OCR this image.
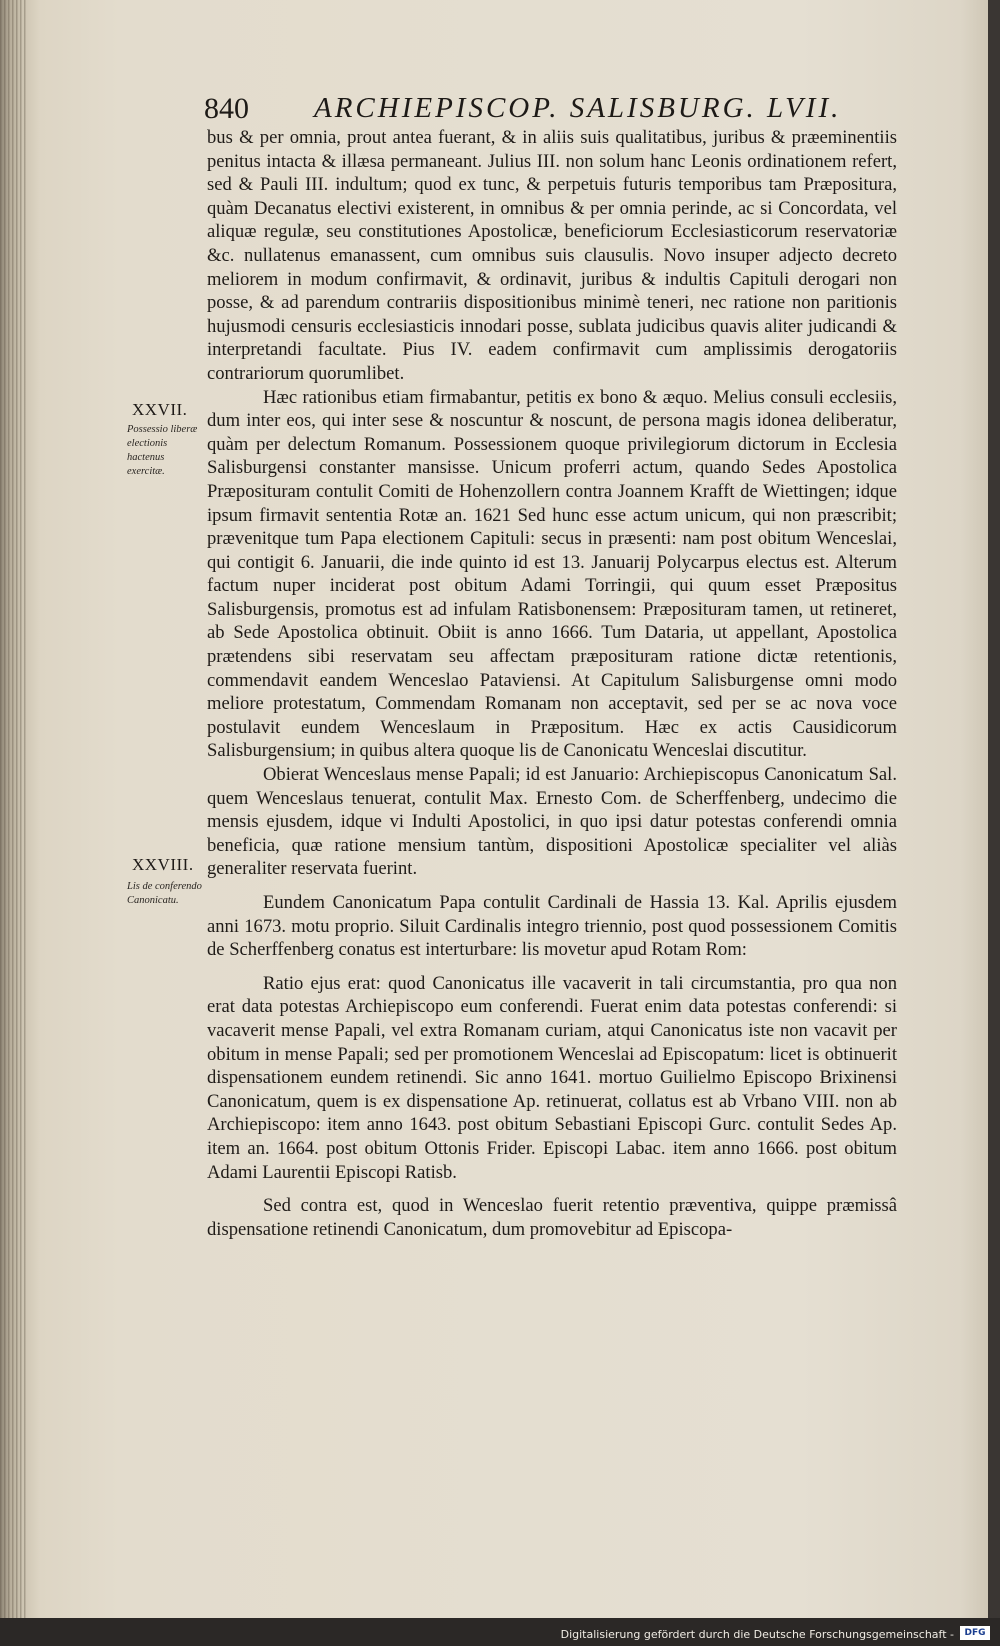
840 ARCHIEPISCOP. SALISBURG. LVII.
XXVII.
Possessio liberæ electionis hactenus exercitæ.
XXVIII.
Lis de conferendo Canonicatu.

bus & per omnia, prout antea fuerant, & in aliis suis qualitatibus, juribus & præeminentiis penitus intacta & illæsa permaneant. Julius III. non solum hanc Leonis ordinationem refert, sed & Pauli III. indultum; quod ex tunc, & perpetuis futuris temporibus tam Præpositura, quàm Decanatus electivi existerent, in omnibus & per omnia perinde, ac si Concordata, vel aliquæ regulæ, seu constitutiones Apostolicæ, beneficiorum Ecclesiasticorum reservatoriæ &c. nullatenus emanassent, cum omnibus suis clausulis. Novo insuper adjecto decreto meliorem in modum confirmavit, & ordinavit, juribus & indultis Capituli derogari non posse, & ad parendum contrariis dispositionibus minimè teneri, nec ratione non paritionis hujusmodi censuris ecclesiasticis innodari posse, sublata judicibus quavis aliter judicandi & interpretandi facultate. Pius IV. eadem confirmavit cum amplissimis derogatoriis contrariorum quorumlibet.

Hæc rationibus etiam firmabantur, petitis ex bono & æquo. Melius consuli ecclesiis, dum inter eos, qui inter sese & noscuntur & noscunt, de persona magis idonea deliberatur, quàm per delectum Romanum. Possessionem quoque privilegiorum dictorum in Ecclesia Salisburgensi constanter mansisse. Unicum proferri actum, quando Sedes Apostolica Præposituram contulit Comiti de Hohenzollern contra Joannem Krafft de Wiettingen; idque ipsum firmavit sententia Rotæ an. 1621 Sed hunc esse actum unicum, qui non præscribit; prævenitque tum Papa electionem Capituli: secus in præsenti: nam post obitum Wenceslai, qui contigit 6. Januarii, die inde quinto id est 13. Januarij Polycarpus electus est. Alterum factum nuper inciderat post obitum Adami Torringii, qui quum esset Præpositus Salisburgensis, promotus est ad infulam Ratisbonensem: Præposituram tamen, ut retineret, ab Sede Apostolica obtinuit. Obiit is anno 1666. Tum Dataria, ut appellant, Apostolica prætendens sibi reservatam seu affectam præposituram ratione dictæ retentionis, commendavit eandem Wenceslao Pataviensi. At Capitulum Salisburgense omni modo meliore protestatum, Commendam Romanam non acceptavit, sed per se ac nova voce postulavit eundem Wenceslaum in Præpositum. Hæc ex actis Causidicorum Salisburgensium; in quibus altera quoque lis de Canonicatu Wenceslai discutitur.

Obierat Wenceslaus mense Papali; id est Januario: Archiepiscopus Canonicatum Sal. quem Wenceslaus tenuerat, contulit Max. Ernesto Com. de Scherffenberg, undecimo die mensis ejusdem, idque vi Indulti Apostolici, in quo ipsi datur potestas conferendi omnia beneficia, quæ ratione mensium tantùm, dispositioni Apostolicæ specialiter vel aliàs generaliter reservata fuerint.

Eundem Canonicatum Papa contulit Cardinali de Hassia 13. Kal. Aprilis ejusdem anni 1673. motu proprio. Siluit Cardinalis integro triennio, post quod possessionem Comitis de Scherffenberg conatus est interturbare: lis movetur apud Rotam Rom:

Ratio ejus erat: quod Canonicatus ille vacaverit in tali circumstantia, pro qua non erat data potestas Archiepiscopo eum conferendi. Fuerat enim data potestas conferendi: si vacaverit mense Papali, vel extra Romanam curiam, atqui Canonicatus iste non vacavit per obitum in mense Papali; sed per promotionem Wenceslai ad Episcopatum: licet is obtinuerit dispensationem eundem retinendi. Sic anno 1641. mortuo Guilielmo Episcopo Brixinensi Canonicatum, quem is ex dispensatione Ap. retinuerat, collatus est ab Vrbano VIII. non ab Archiepiscopo: item anno 1643. post obitum Sebastiani Episcopi Gurc. contulit Sedes Ap. item an. 1664. post obitum Ottonis Frider. Episcopi Labac. item anno 1666. post obitum Adami Laurentii Episcopi Ratisb.

Sed contra est, quod in Wenceslao fuerit retentio præventiva, quippe præmissâ dispensatione retinendi Canonicatum, dum promovebitur ad Episcopa-

Digitalisierung gefördert durch die Deutsche Forschungsgemeinschaft -	DFG
